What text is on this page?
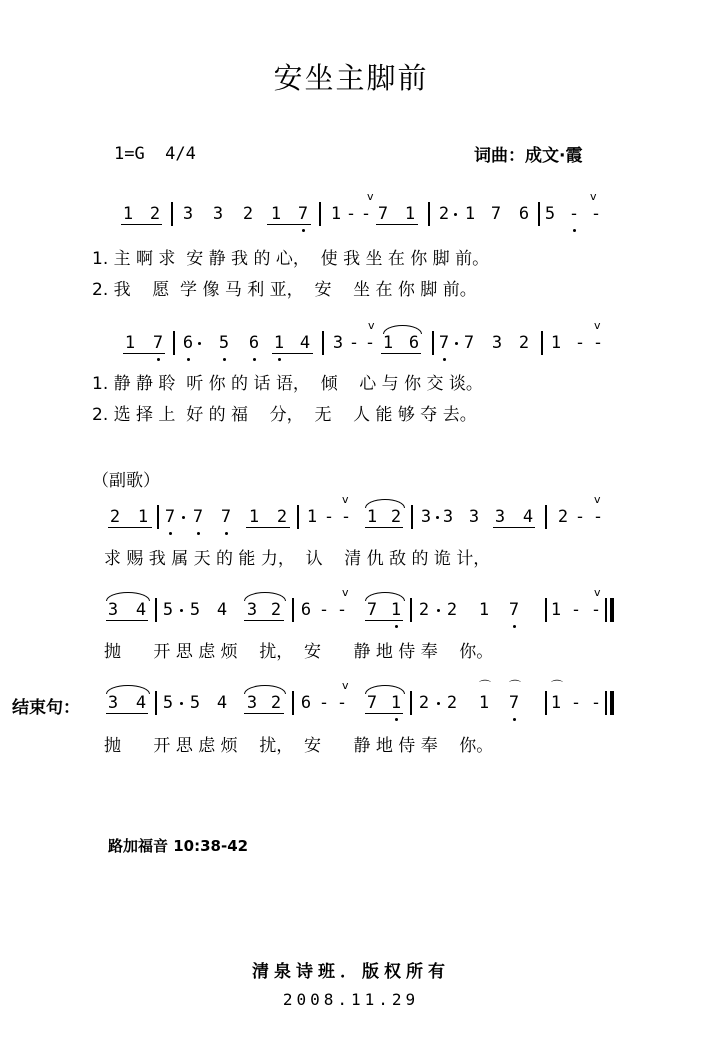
安坐主脚前
1=G  4/4	词曲：成文·霞
1 2 3 3 2 1 7 1 - - 7 1 2 1 7 6 5 - -
v	v
1. 主 啊 求  安 静 我 的 心，  使 我 坐 在 你 脚 前。
2. 我    愿  学 像 马 利 亚，  安    坐 在 你 脚 前。
1 7 6 5 6 1 4 3 - - 1 6 7 7 3 2 1 - -
v	v
1. 静 静 聆  听 你 的 话 语，  倾    心 与 你 交 谈。
2. 选 择 上  好 的 福    分，  无    人 能 够 夺 去。
2 1 7 7 7 1 2 1 - - 1 2 3 3 3 3 4 2 - -
v	v
求 赐 我 属 天 的 能 力，  认    清 仇 敌 的 诡 计，
3 4 5 5 4 3 2 6 - - 7 1 2 2 1 7 1 - -
v	v
抛      开 思 虑 烦    扰，  安      静 地 侍 奉    你。
3 4 5 5 4 3 2 6 - - 7 1 2 2 1 7 1 - -
v	⌒ ⌒ ⌒
抛      开 思 虑 烦    扰，  安      静 地 侍 奉    你。
（副歌）
结束句：
路加福音 10:38-42
清泉诗班．版权所有
2008.11.29
